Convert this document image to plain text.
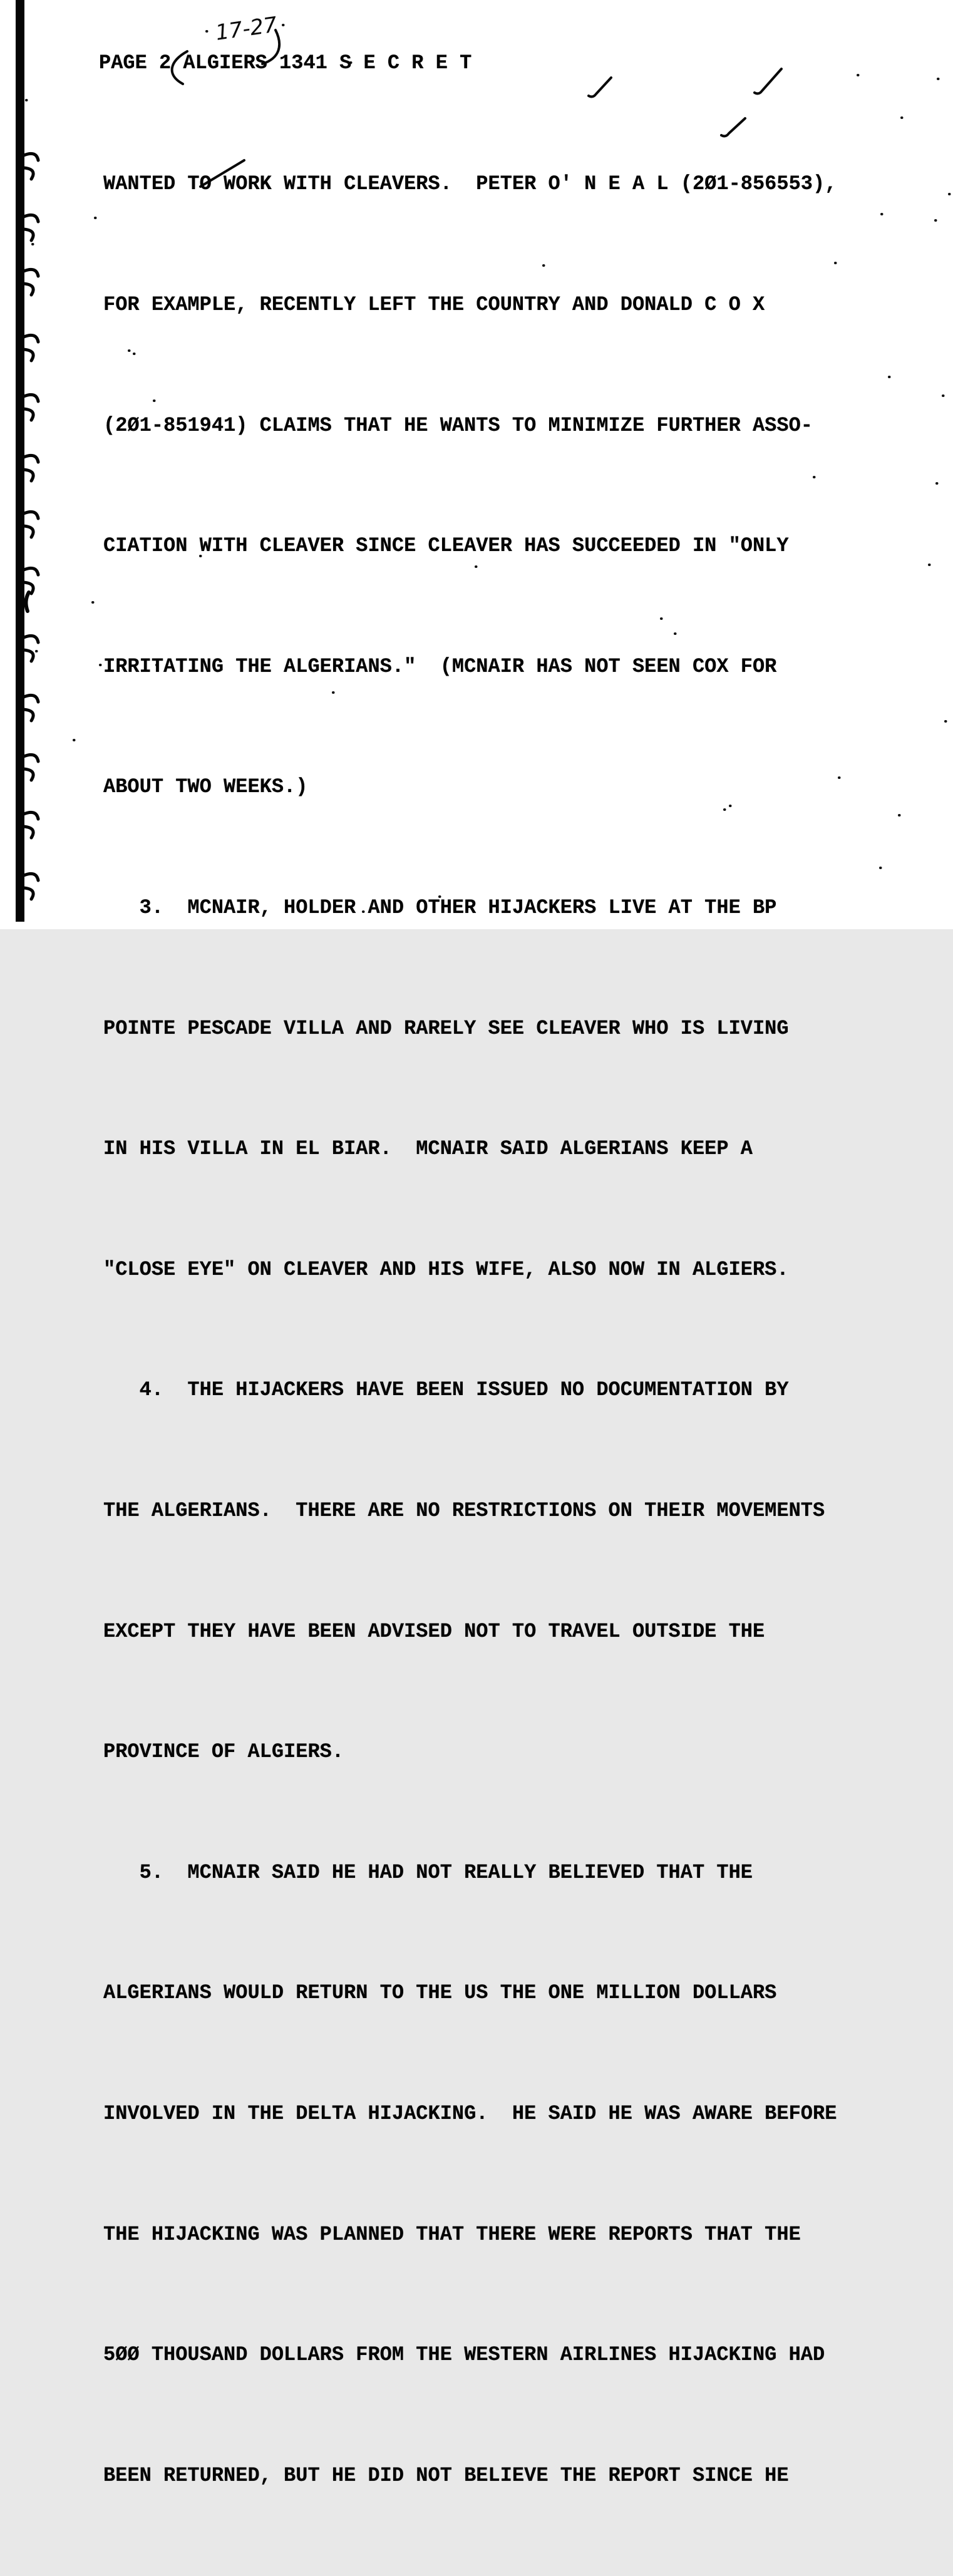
17-27
PAGE 2 ALGIERS 1341 S E C R E T

WANTED TO WORK WITH CLEAVERS.  PETER O' N E A L (2Ø1-856553),

FOR EXAMPLE, RECENTLY LEFT THE COUNTRY AND DONALD C O X

(2Ø1-851941) CLAIMS THAT HE WANTS TO MINIMIZE FURTHER ASSO-

CIATION WITH CLEAVER SINCE CLEAVER HAS SUCCEEDED IN "ONLY

IRRITATING THE ALGERIANS."  (MCNAIR HAS NOT SEEN COX FOR

ABOUT TWO WEEKS.)

3.  MCNAIR, HOLDER AND OTHER HIJACKERS LIVE AT THE BP

POINTE PESCADE VILLA AND RARELY SEE CLEAVER WHO IS LIVING

IN HIS VILLA IN EL BIAR.  MCNAIR SAID ALGERIANS KEEP A

"CLOSE EYE" ON CLEAVER AND HIS WIFE, ALSO NOW IN ALGIERS.

4.  THE HIJACKERS HAVE BEEN ISSUED NO DOCUMENTATION BY

THE ALGERIANS.  THERE ARE NO RESTRICTIONS ON THEIR MOVEMENTS

EXCEPT THEY HAVE BEEN ADVISED NOT TO TRAVEL OUTSIDE THE

PROVINCE OF ALGIERS.

5.  MCNAIR SAID HE HAD NOT REALLY BELIEVED THAT THE

ALGERIANS WOULD RETURN TO THE US THE ONE MILLION DOLLARS

INVOLVED IN THE DELTA HIJACKING.  HE SAID HE WAS AWARE BEFORE

THE HIJACKING WAS PLANNED THAT THERE WERE REPORTS THAT THE

5ØØ THOUSAND DOLLARS FROM THE WESTERN AIRLINES HIJACKING HAD

BEEN RETURNED, BUT HE DID NOT BELIEVE THE REPORT SINCE HE
